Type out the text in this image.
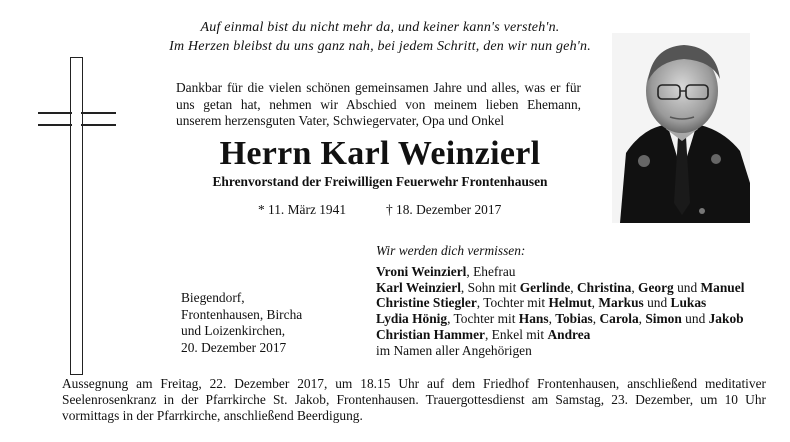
Auf einmal bist du nicht mehr da, und keiner kann's versteh'n.
Im Herzen bleibst du uns ganz nah, bei jedem Schritt, den wir nun geh'n.
Dankbar für die vielen schönen gemeinsamen Jahre und alles, was er für uns getan hat, nehmen wir Abschied von meinem lieben Ehemann, unserem herzensguten Vater, Schwiegervater, Opa und Onkel
Herrn Karl Weinzierl
Ehrenvorstand der Freiwilligen Feuerwehr Frontenhausen
* 11. März 1941	† 18. Dezember 2017
Biegendorf,
Frontenhausen, Bircha
und Loizenkirchen,
20. Dezember 2017
Wir werden dich vermissen:
Vroni Weinzierl, Ehefrau
Karl Weinzierl, Sohn mit Gerlinde, Christina, Georg und Manuel
Christine Stiegler, Tochter mit Helmut, Markus und Lukas
Lydia Hönig, Tochter mit Hans, Tobias, Carola, Simon und Jakob
Christian Hammer, Enkel mit Andrea
im Namen aller Angehörigen
Aussegnung am Freitag, 22. Dezember 2017, um 18.15 Uhr auf dem Friedhof Frontenhausen, anschließend meditativer Seelenrosenkranz in der Pfarrkirche St. Jakob, Frontenhausen. Trauergottesdienst am Samstag, 23. Dezember, um 10 Uhr vormittags in der Pfarrkirche, anschließend Beerdigung.
